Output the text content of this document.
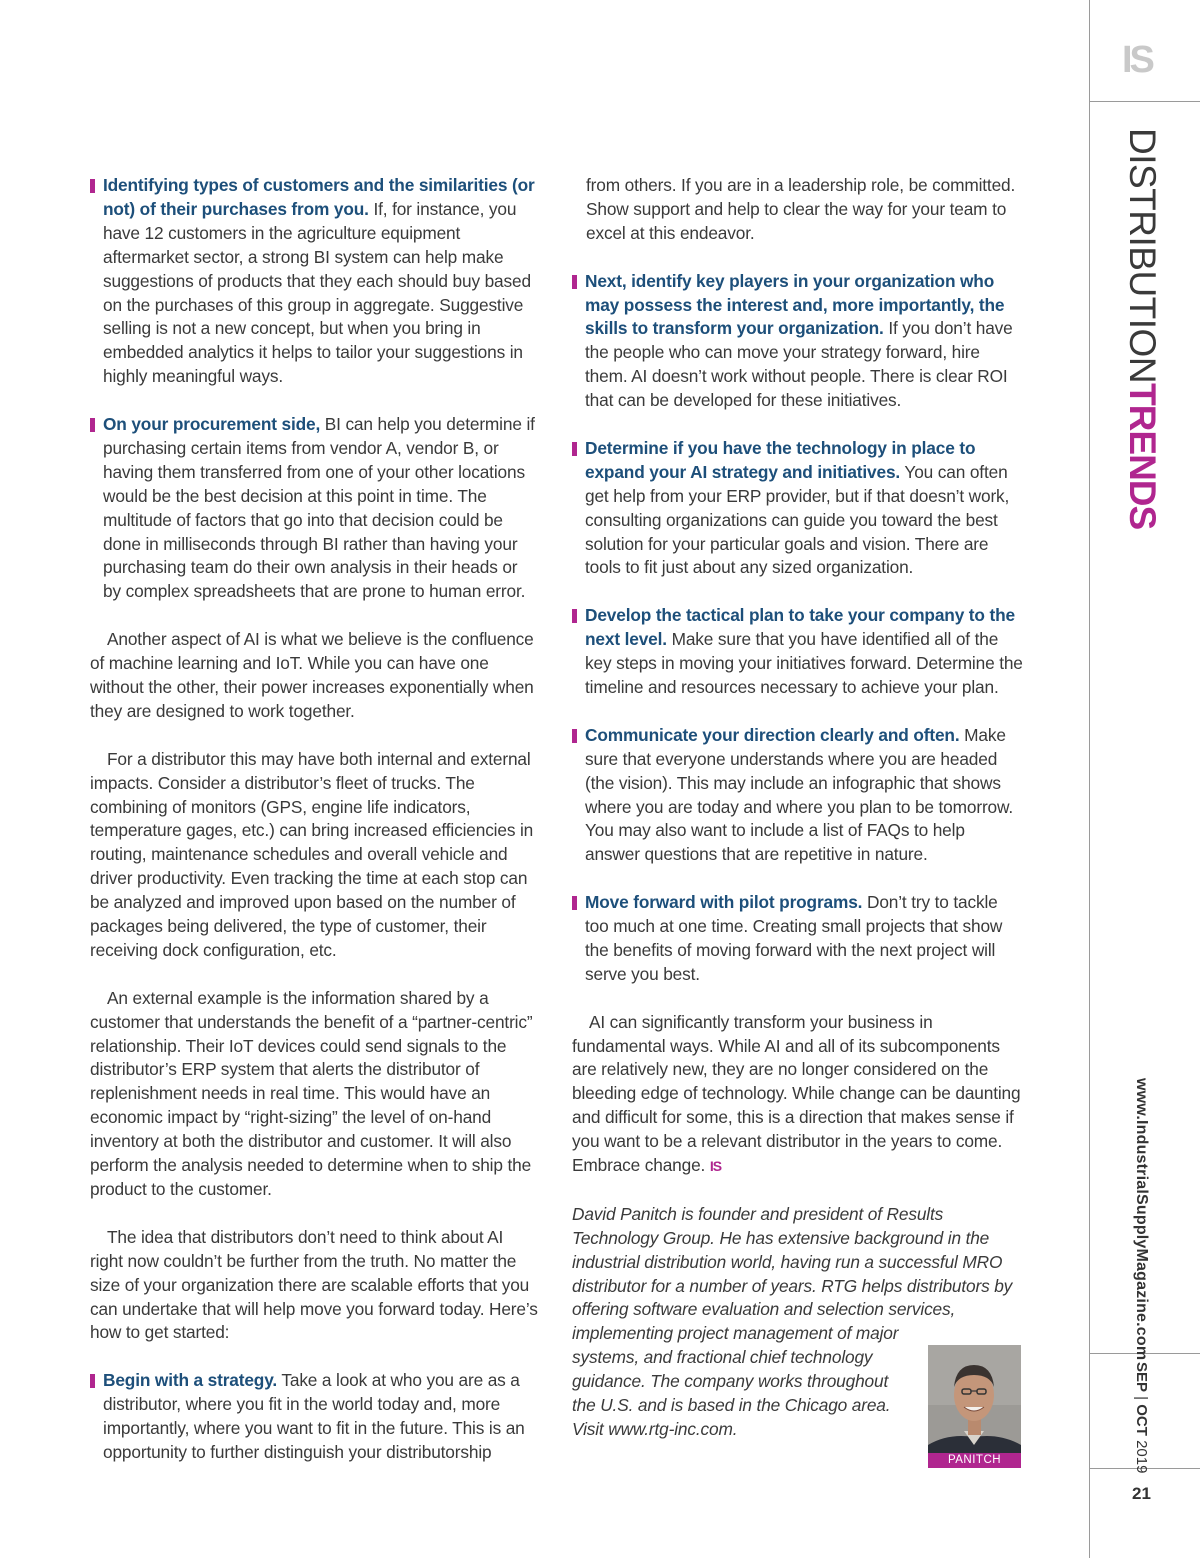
IS
DISTRIBUTIONTRENDS
www.IndustrialSupplyMagazine.com
SEP | OCT 2019
21
Identifying types of customers and the similarities (or not) of their purchases from you. If, for instance, you have 12 customers in the agriculture equipment aftermarket sector, a strong BI system can help make suggestions of products that they each should buy based on the purchases of this group in aggregate. Suggestive selling is not a new concept, but when you bring in embedded analytics it helps to tailor your suggestions in highly meaningful ways.
On your procurement side, BI can help you determine if purchasing certain items from vendor A, vendor B, or having them transferred from one of your other locations would be the best decision at this point in time. The multitude of factors that go into that decision could be done in milliseconds through BI rather than having your purchasing team do their own analysis in their heads or by complex spreadsheets that are prone to human error.

Another aspect of AI is what we believe is the confluence of machine learning and IoT. While you can have one without the other, their power increases exponentially when they are designed to work together.

For a distributor this may have both internal and external impacts. Consider a distributor’s fleet of trucks. The combining of monitors (GPS, engine life indicators, temperature gages, etc.) can bring increased efficiencies in routing, maintenance schedules and overall vehicle and driver productivity. Even tracking the time at each stop can be analyzed and improved upon based on the number of packages being delivered, the type of customer, their receiving dock configuration, etc.

An external example is the information shared by a customer that understands the benefit of a “partner-centric” relationship. Their IoT devices could send signals to the distributor’s ERP system that alerts the distributor of replenishment needs in real time. This would have an economic impact by “right-sizing” the level of on-hand inventory at both the distributor and customer. It will also perform the analysis needed to determine when to ship the product to the customer.

The idea that distributors don’t need to think about AI right now couldn’t be further from the truth. No matter the size of your organization there are scalable efforts that you can undertake that will help move you forward today. Here’s how to get started:

Begin with a strategy. Take a look at who you are as a distributor, where you fit in the world today and, more importantly, where you want to fit in the future. This is an opportunity to further distinguish your distributorship

from others. If you are in a leadership role, be committed. Show support and help to clear the way for your team to excel at this endeavor.

Next, identify key players in your organization who may possess the interest and, more importantly, the skills to transform your organization. If you don’t have the people who can move your strategy forward, hire them. AI doesn’t work without people. There is clear ROI that can be developed for these initiatives.
Determine if you have the technology in place to expand your AI strategy and initiatives. You can often get help from your ERP provider, but if that doesn’t work, consulting organizations can guide you toward the best solution for your particular goals and vision. There are tools to fit just about any sized organization.
Develop the tactical plan to take your company to the next level. Make sure that you have identified all of the key steps in moving your initiatives forward. Determine the timeline and resources necessary to achieve your plan.
Communicate your direction clearly and often. Make sure that everyone understands where you are headed (the vision). This may include an infographic that shows where you are today and where you plan to be tomorrow. You may also want to include a list of FAQs to help answer questions that are repetitive in nature.
Move forward with pilot programs. Don’t try to tackle too much at one time. Creating small projects that show the benefits of moving forward with the next project will serve you best.

AI can significantly transform your business in fundamental ways. While AI and all of its subcomponents are relatively new, they are no longer considered on the bleeding edge of technology. While change can be daunting and difficult for some, this is a direction that makes sense if you want to be a relevant distributor in the years to come. Embrace change. IS

David Panitch is founder and president of Results Technology Group. He has extensive background in the industrial distribution world, having run a successful MRO distributor for a number of years. RTG helps distributors by offering software evaluation and selection services,

implementing project management of major systems, and fractional chief technology guidance. The company works throughout the U.S. and is based in the Chicago area. Visit www.rtg-inc.com.

PANITCH
